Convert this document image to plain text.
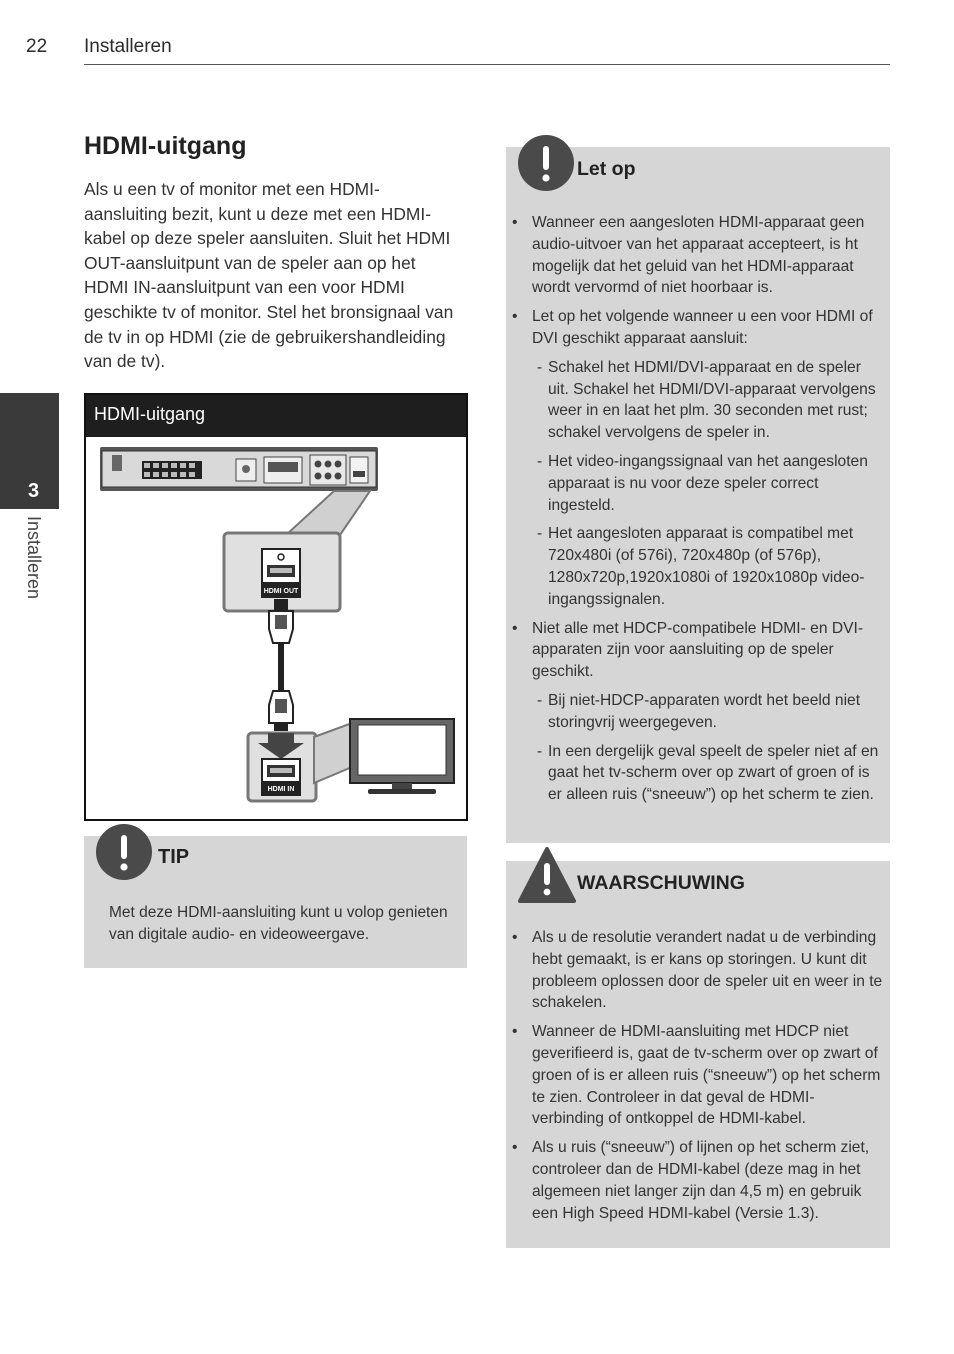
22 Installeren
3
Installeren
HDMI-uitgang
Als u een tv of monitor met een HDMI-aansluiting bezit, kunt u deze met een HDMI-kabel op deze speler aansluiten. Sluit het HDMI OUT-aansluitpunt van de speler aan op het HDMI IN-aansluitpunt van een voor HDMI geschikte tv of monitor. Stel het bronsignaal van de tv in op HDMI (zie de gebruikershandleiding van de tv).
HDMI-uitgang
HDMI OUT
HDMI IN
TIP
Met deze HDMI-aansluiting kunt u volop genieten van digitale audio- en videoweergave.
Let op
• Wanneer een aangesloten HDMI-apparaat geen audio-uitvoer van het apparaat accepteert, is ht mogelijk dat het geluid van het HDMI-apparaat wordt vervormd of niet hoorbaar is.
• Let op het volgende wanneer u een voor HDMI of DVI geschikt apparaat aansluit:
- Schakel het HDMI/DVI-apparaat en de speler uit. Schakel het HDMI/DVI-apparaat vervolgens weer in en laat het plm. 30 seconden met rust; schakel vervolgens de speler in.
- Het video-ingangssignaal van het aangesloten apparaat is nu voor deze speler correct ingesteld.
- Het aangesloten apparaat is compatibel met 720x480i (of 576i), 720x480p (of 576p), 1280x720p,1920x1080i of 1920x1080p video-ingangssignalen.
• Niet alle met HDCP-compatibele HDMI- en DVI-apparaten zijn voor aansluiting op de speler geschikt.
- Bij niet-HDCP-apparaten wordt het beeld niet storingvrij weergegeven.
- In een dergelijk geval speelt de speler niet af en gaat het tv-scherm over op zwart of groen of is er alleen ruis (“sneeuw”) op het scherm te zien.
WAARSCHUWING
• Als u de resolutie verandert nadat u de verbinding hebt gemaakt, is er kans op storingen. U kunt dit probleem oplossen door de speler uit en weer in te schakelen.
• Wanneer de HDMI-aansluiting met HDCP niet geverifieerd is, gaat de tv-scherm over op zwart of groen of is er alleen ruis (“sneeuw”) op het scherm te zien. Controleer in dat geval de HDMI-verbinding of ontkoppel de HDMI-kabel.
• Als u ruis (“sneeuw”) of lijnen op het scherm ziet, controleer dan de HDMI-kabel (deze mag in het algemeen niet langer zijn dan 4,5 m) en gebruik een High Speed HDMI-kabel (Versie 1.3).
